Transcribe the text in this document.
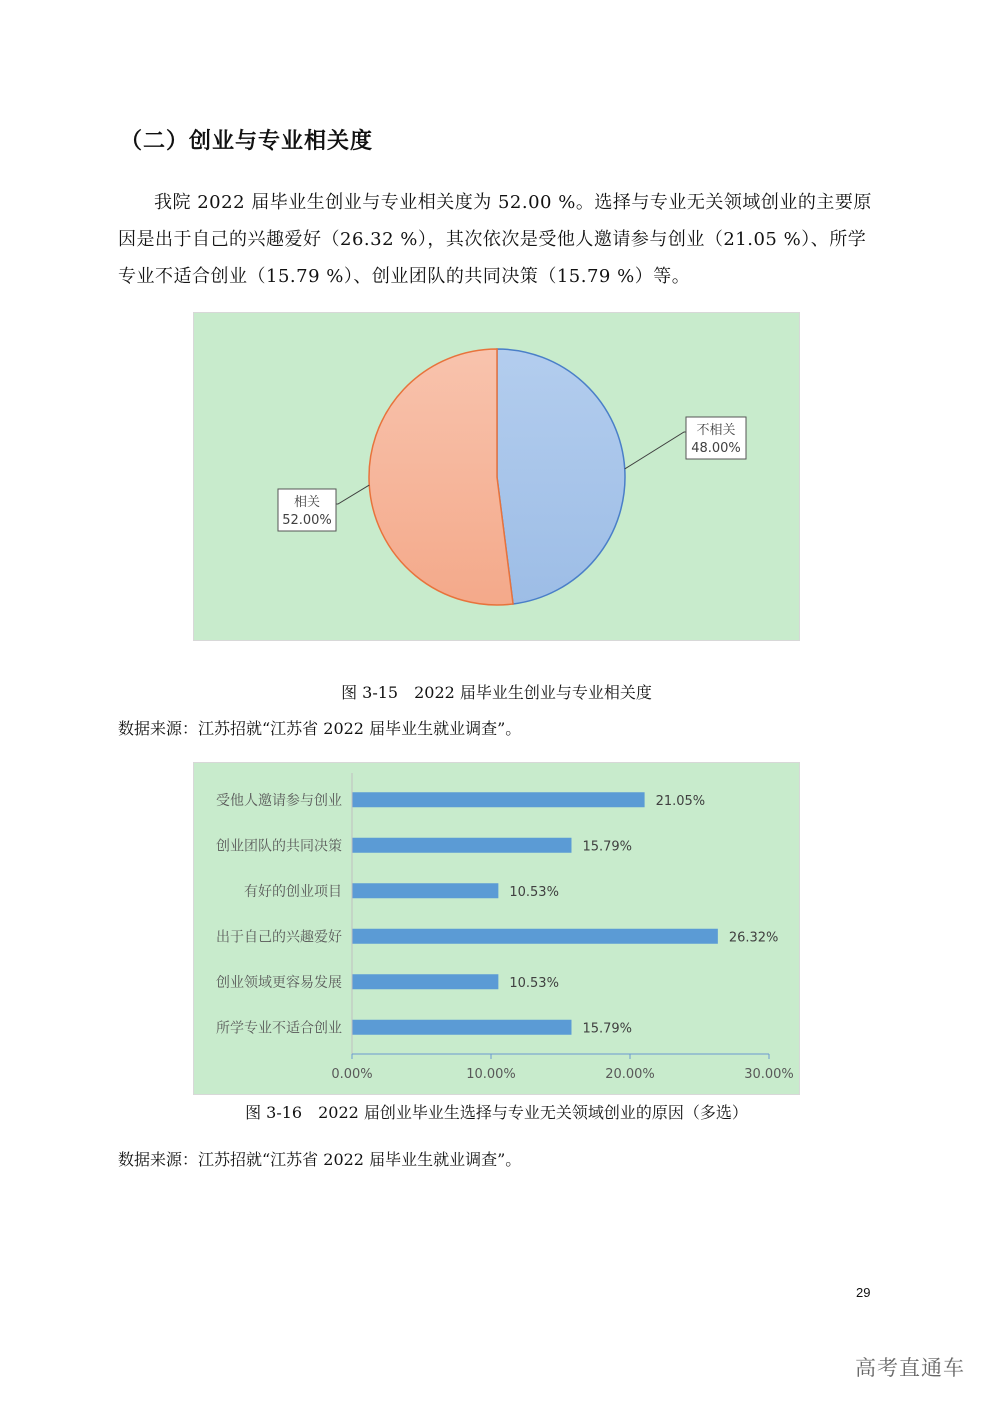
（二）创业与专业相关度
我院 2022 届毕业生创业与专业相关度为 52.00 %。选择与专业无关领域创业的主要原因是出于自己的兴趣爱好（26.32 %），其次依次是受他人邀请参与创业（21.05 %）、所学专业不适合创业（15.79 %）、创业团队的共同决策（15.79 %）等。
不相关
48.00%
相关
52.00%
图 3-15　2022 届毕业生创业与专业相关度
数据来源：江苏招就“江苏省 2022 届毕业生就业调查”。
受他人邀请参与创业	21.05%
创业团队的共同决策	15.79%
有好的创业项目	10.53%
出于自己的兴趣爱好	26.32%
创业领域更容易发展	10.53%
所学专业不适合创业	15.79%
0.00%	10.00%	20.00%	30.00%
图 3-16　2022 届创业毕业生选择与专业无关领域创业的原因（多选）
数据来源：江苏招就“江苏省 2022 届毕业生就业调查”。
29
高考直通车
